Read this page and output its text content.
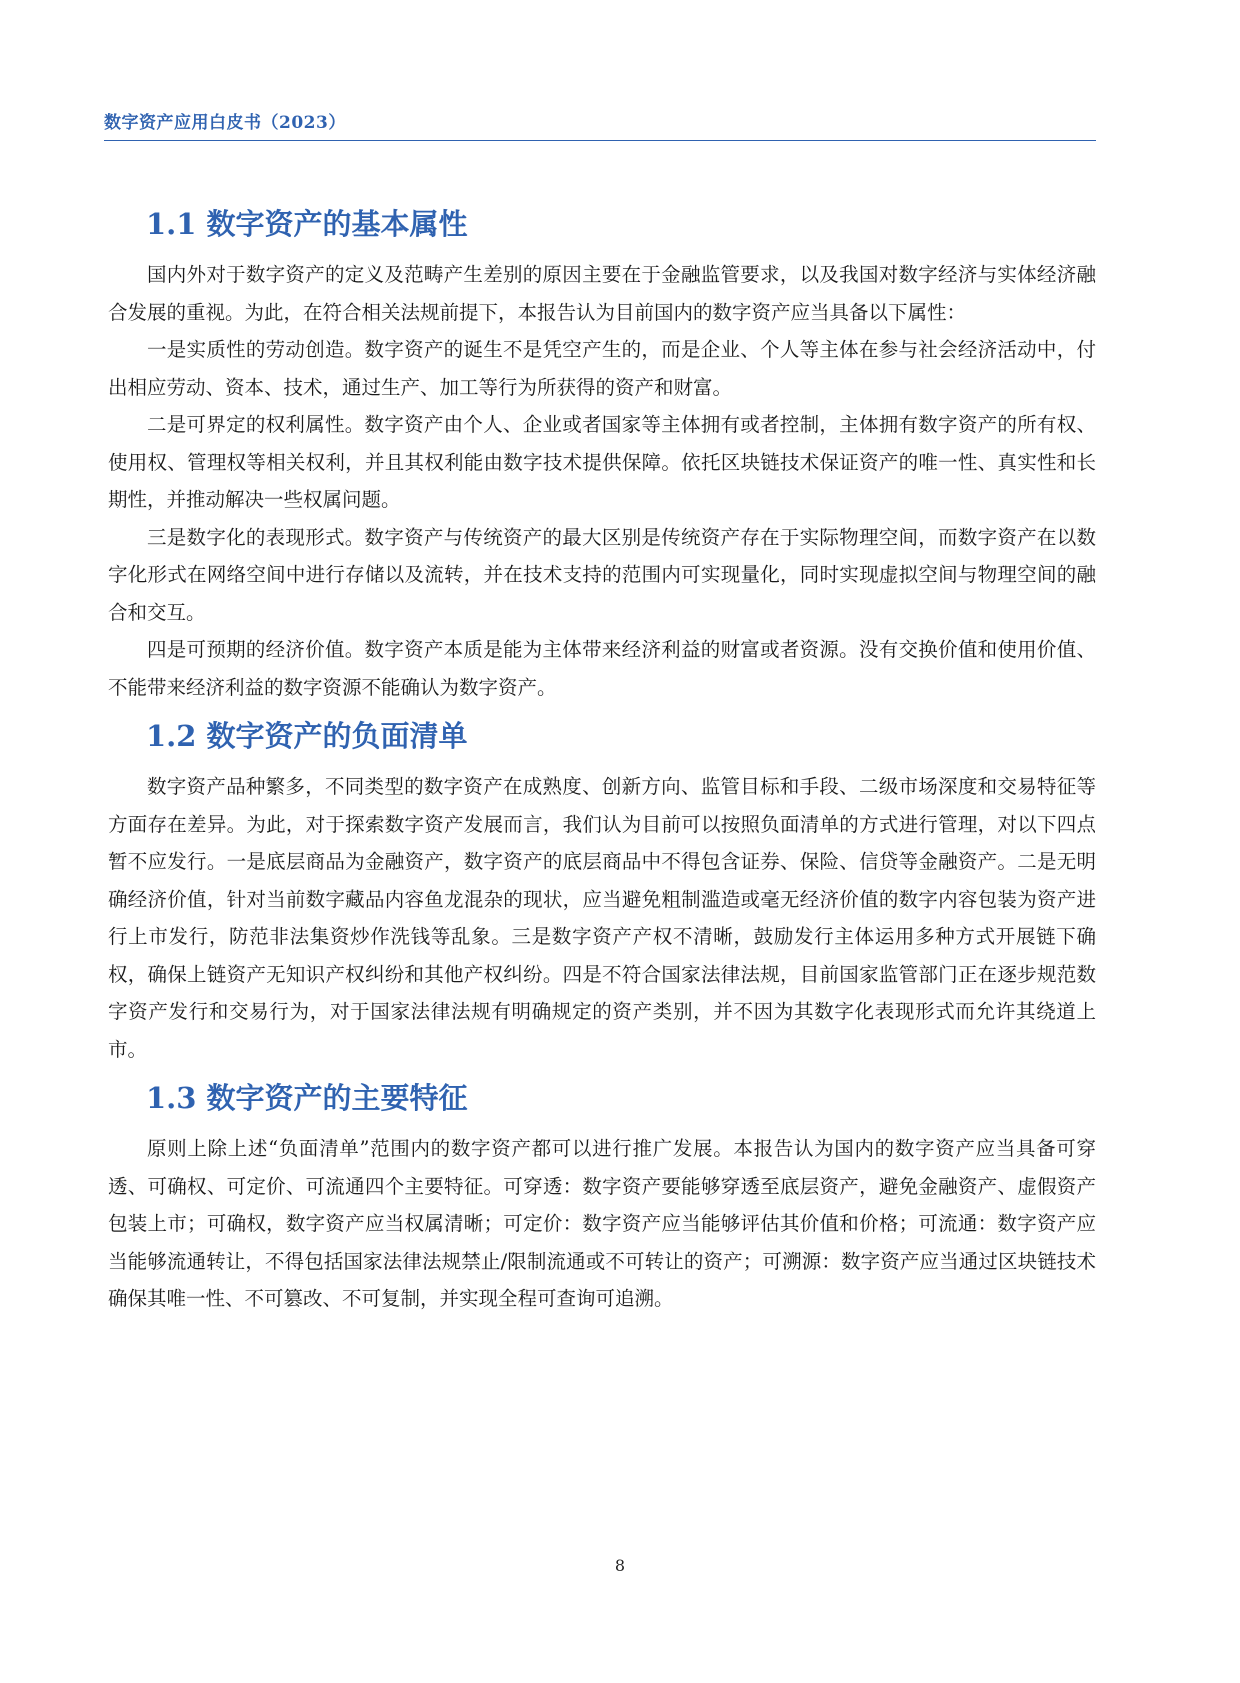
数字资产应用白皮书（2023）
1.1 数字资产的基本属性

国内外对于数字资产的定义及范畴产生差别的原因主要在于金融监管要求，以及我国对数字经济与实体经济融合发展的重视。为此，在符合相关法规前提下，本报告认为目前国内的数字资产应当具备以下属性：

一是实质性的劳动创造。数字资产的诞生不是凭空产生的，而是企业、个人等主体在参与社会经济活动中，付出相应劳动、资本、技术，通过生产、加工等行为所获得的资产和财富。

二是可界定的权利属性。数字资产由个人、企业或者国家等主体拥有或者控制，主体拥有数字资产的所有权、使用权、管理权等相关权利，并且其权利能由数字技术提供保障。依托区块链技术保证资产的唯一性、真实性和长期性，并推动解决一些权属问题。

三是数字化的表现形式。数字资产与传统资产的最大区别是传统资产存在于实际物理空间，而数字资产在以数字化形式在网络空间中进行存储以及流转，并在技术支持的范围内可实现量化，同时实现虚拟空间与物理空间的融合和交互。

四是可预期的经济价值。数字资产本质是能为主体带来经济利益的财富或者资源。没有交换价值和使用价值、不能带来经济利益的数字资源不能确认为数字资产。

1.2 数字资产的负面清单

数字资产品种繁多，不同类型的数字资产在成熟度、创新方向、监管目标和手段、二级市场深度和交易特征等方面存在差异。为此，对于探索数字资产发展而言，我们认为目前可以按照负面清单的方式进行管理，对以下四点暂不应发行。一是底层商品为金融资产，数字资产的底层商品中不得包含证券、保险、信贷等金融资产。二是无明确经济价值，针对当前数字藏品内容鱼龙混杂的现状，应当避免粗制滥造或毫无经济价值的数字内容包装为资产进行上市发行，防范非法集资炒作洗钱等乱象。三是数字资产产权不清晰，鼓励发行主体运用多种方式开展链下确权，确保上链资产无知识产权纠纷和其他产权纠纷。四是不符合国家法律法规，目前国家监管部门正在逐步规范数字资产发行和交易行为，对于国家法律法规有明确规定的资产类别，并不因为其数字化表现形式而允许其绕道上市。

1.3 数字资产的主要特征

原则上除上述“负面清单”范围内的数字资产都可以进行推广发展。本报告认为国内的数字资产应当具备可穿透、可确权、可定价、可流通四个主要特征。可穿透：数字资产要能够穿透至底层资产，避免金融资产、虚假资产包装上市；可确权，数字资产应当权属清晰；可定价：数字资产应当能够评估其价值和价格；可流通：数字资产应当能够流通转让，不得包括国家法律法规禁止/限制流通或不可转让的资产；可溯源：数字资产应当通过区块链技术确保其唯一性、不可篡改、不可复制，并实现全程可查询可追溯。

8
